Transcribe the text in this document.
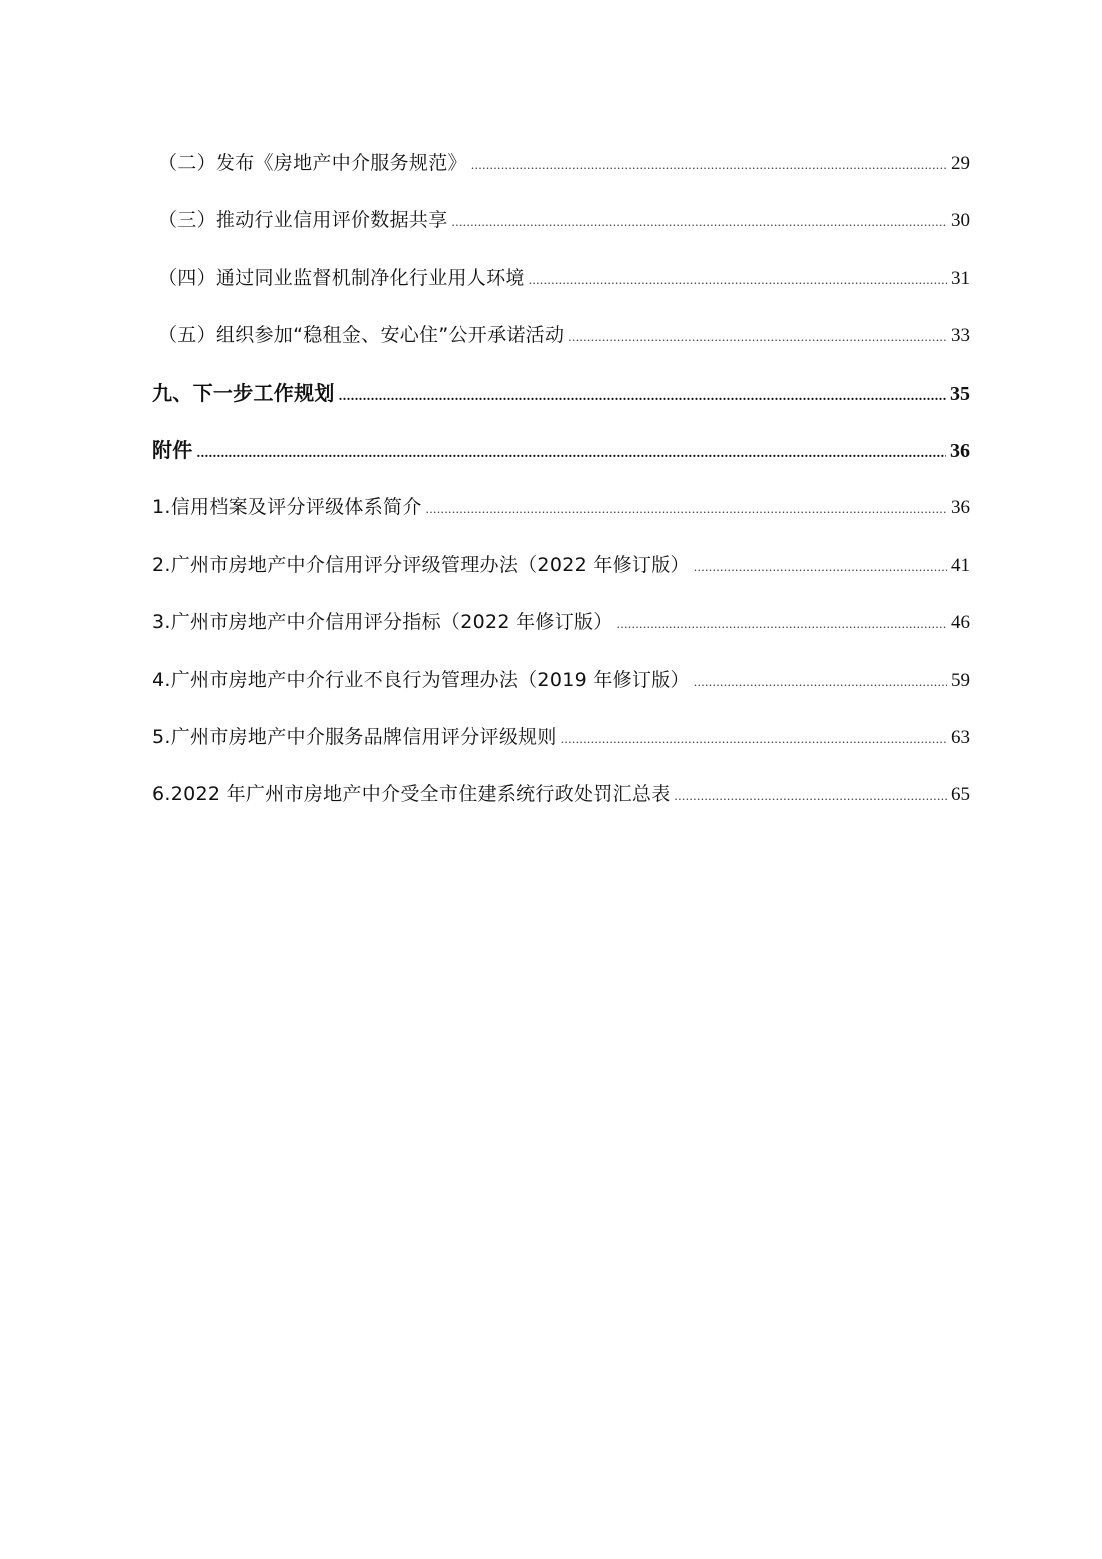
（二）发布《房地产中介服务规范》 .....	29
（三）推动行业信用评价数据共享 .....	30
（四）通过同业监督机制净化行业用人环境 .....	31
（五）组织参加“稳租金、安心住”公开承诺活动 .....	33
九、下一步工作规划 .....	35
附件 .....	36
1.信用档案及评分评级体系简介 .....	36
2.广州市房地产中介信用评分评级管理办法（2022 年修订版） .....	41
3.广州市房地产中介信用评分指标（2022 年修订版） .....	46
4.广州市房地产中介行业不良行为管理办法（2019 年修订版） .....	59
5.广州市房地产中介服务品牌信用评分评级规则 .....	63
6.2022 年广州市房地产中介受全市住建系统行政处罚汇总表 .....	65
